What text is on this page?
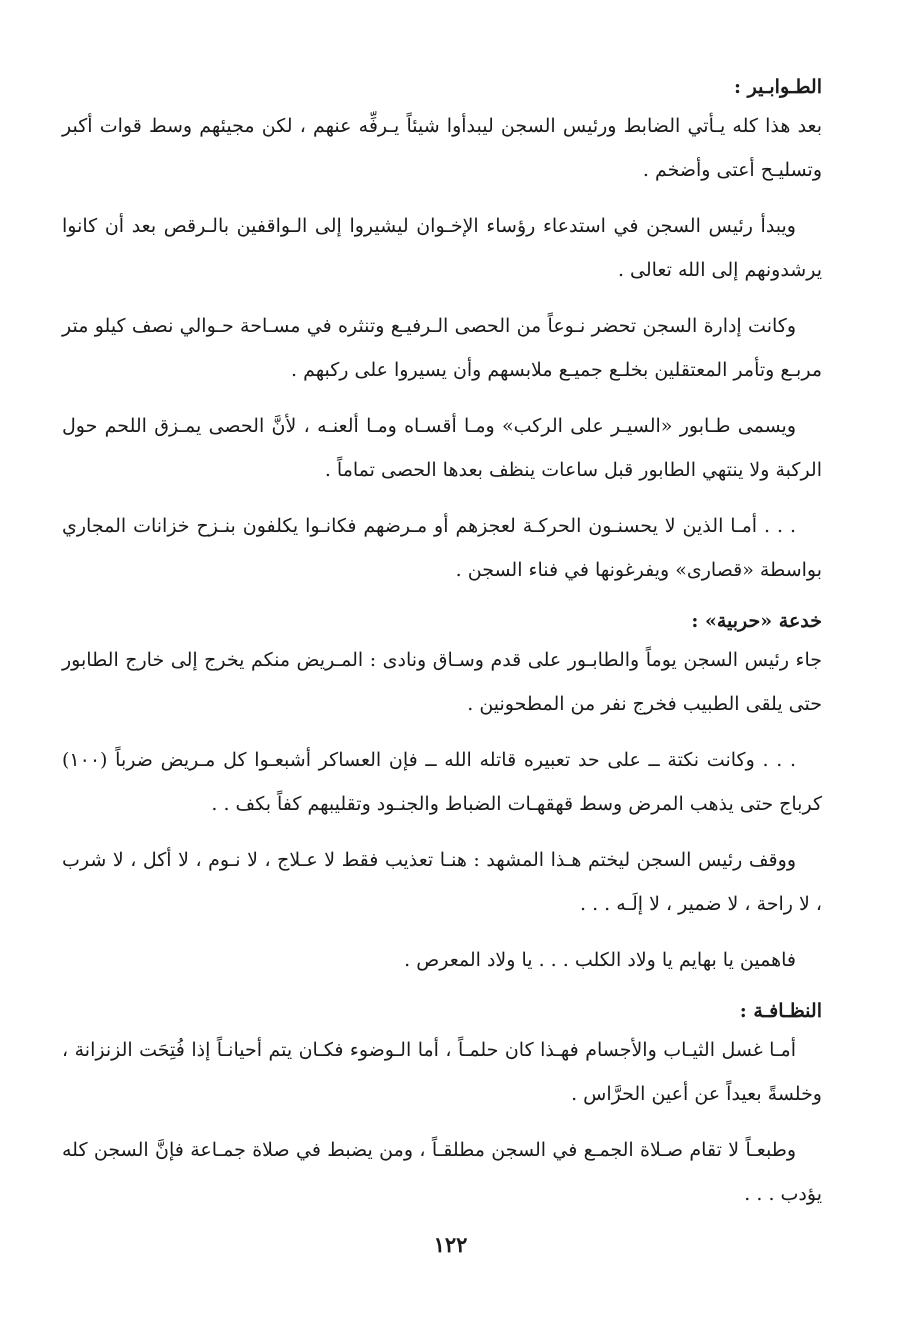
الطـوابـير :

بعد هذا كله يـأتي الضابط ورئيس السجن ليبدأوا شيئاً يـرفِّه عنهم ، لكن مجيئهم وسط قوات أكبر وتسليـح أعتى وأضخم .

ويبدأ رئيس السجن في استدعاء رؤساء الإخـوان ليشيروا إلى الـواقفين بالـرقص بعد أن كانوا يرشدونهم إلى الله تعالى .

وكانت إدارة السجن تحضر نـوعاً من الحصى الـرفيـع وتنثره في مسـاحة حـوالي نصف كيلو متر مربـع وتأمر المعتقلين بخلـع جميـع ملابسهم وأن يسيروا على ركبهم .

ويسمى طـابور «السيـر على الركب» ومـا أقسـاه ومـا ألعنـه ، لأنَّ الحصى يمـزق اللحم حول الركبة ولا ينتهي الطابور قبل ساعات ينظف بعدها الحصى تماماً .

. . . أمـا الذين لا يحسنـون الحركـة لعجزهم أو مـرضهم فكانـوا يكلفون بنـزح خزانات المجاري بواسطة «قصارى» ويفرغونها في فناء السجن .

خدعة «حربية» :

جاء رئيس السجن يوماً والطابـور على قدم وسـاق ونادى : المـريض منكم يخرج إلى خارج الطابور حتى يلقى الطبيب فخرج نفر من المطحونين .

. . . وكانت نكتة ــ على حد تعبيره قاتله الله ــ فإن العساكر أشبعـوا كل مـريض ضرباً (١٠٠) كرباج حتى يذهب المرض وسط قهقهـات الضباط والجنـود وتقليبهم كفاً بكف . .

ووقف رئيس السجن ليختم هـذا المشهد : هنـا تعذيب فقط لا عـلاج ، لا نـوم ، لا أكل ، لا شرب ، لا راحة ، لا ضمير ، لا إلَـه . . .

فاهمين يا بهايم يا ولاد الكلب . . . يا ولاد المعرص .

النظـافـة :

أمـا غسل الثيـاب والأجسام فهـذا كان حلمـاً ، أما الـوضوء فكـان يتم أحيانـاً إذا فُتِحَت الزنزانة ، وخلسةً بعيداً عن أعين الحرَّاس .

وطبعـاً لا تقام صـلاة الجمـع في السجن مطلقـاً ، ومن يضبط في صلاة جمـاعة فإنَّ السجن كله يؤدب . . .

١٢٢
